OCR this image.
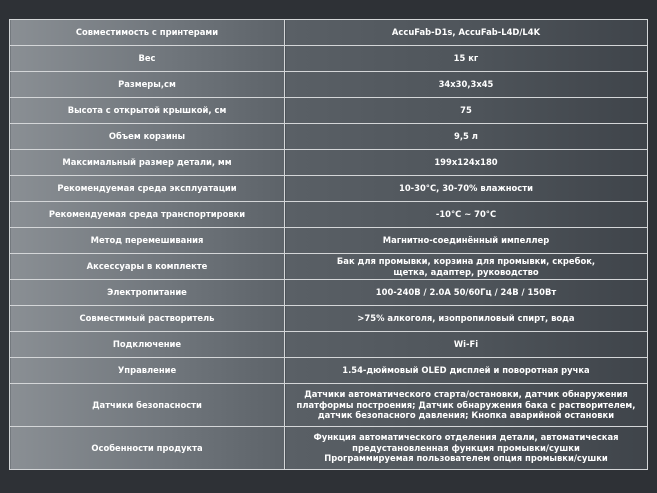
Совместимость с принтерами	AccuFab-D1s, AccuFab-L4D/L4K
Вес	15 кг
Размеры,см	34x30,3x45
Высота с открытой крышкой, см	75
Объем корзины	9,5 л
Максимальный размер детали, мм	199x124x180
Рекомендуемая среда эксплуатации	10-30°C, 30-70% влажности
Рекомендуемая среда транспортировки	-10°C ~ 70°C
Метод перемешивания	Магнитно-соединённый импеллер
Аксессуары в комплекте	Бак для промывки, корзина для промывки, скребок,
щетка, адаптер, руководство
Электропитание	100-240В / 2.0А 50/60Гц / 24В / 150Вт
Совместимый растворитель	>75% алкоголя, изопропиловый спирт, вода
Подключение	Wi-Fi
Управление	1.54-дюймовый OLED дисплей и поворотная ручка
Датчики безопасности	Датчики автоматического старта/остановки, датчик обнаружения
платформы построения; Датчик обнаружения бака с растворителем,
датчик безопасного давления; Кнопка аварийной остановки
Особенности продукта	Функция автоматического отделения детали, автоматическая
предустановленная функция промывки/сушки
Программируемая пользователем опция промывки/сушки
